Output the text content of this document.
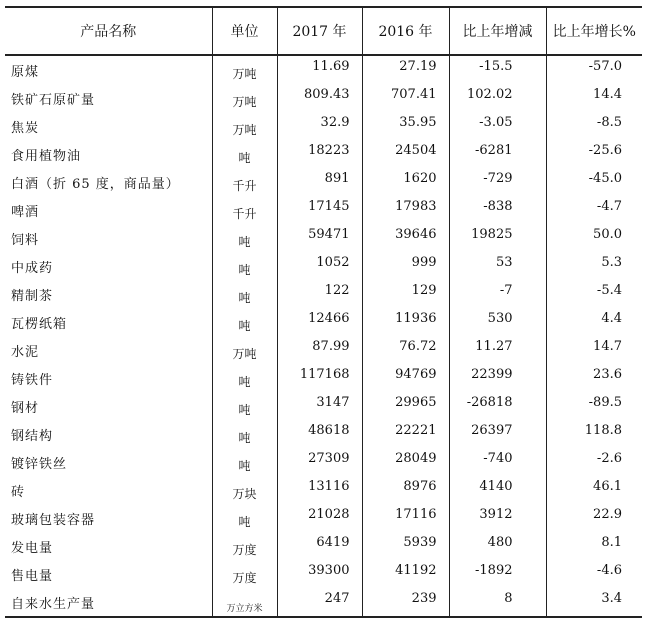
产品名称	单位	2017 年	2016 年	比上年增减	比上年增长%
原煤	万吨	11.69	27.19	-15.5	-57.0
铁矿石原矿量	万吨	809.43	707.41	102.02	14.4
焦炭	万吨	32.9	35.95	-3.05	-8.5
食用植物油	吨	18223	24504	-6281	-25.6
白酒（折 65 度，商品量）	千升	891	1620	-729	-45.0
啤酒	千升	17145	17983	-838	-4.7
饲料	吨	59471	39646	19825	50.0
中成药	吨	1052	999	53	5.3
精制茶	吨	122	129	-7	-5.4
瓦楞纸箱	吨	12466	11936	530	4.4
水泥	万吨	87.99	76.72	11.27	14.7
铸铁件	吨	117168	94769	22399	23.6
钢材	吨	3147	29965	-26818	-89.5
钢结构	吨	48618	22221	26397	118.8
镀锌铁丝	吨	27309	28049	-740	-2.6
砖	万块	13116	8976	4140	46.1
玻璃包装容器	吨	21028	17116	3912	22.9
发电量	万度	6419	5939	480	8.1
售电量	万度	39300	41192	-1892	-4.6
自来水生产量	万立方米	247	239	8	3.4
